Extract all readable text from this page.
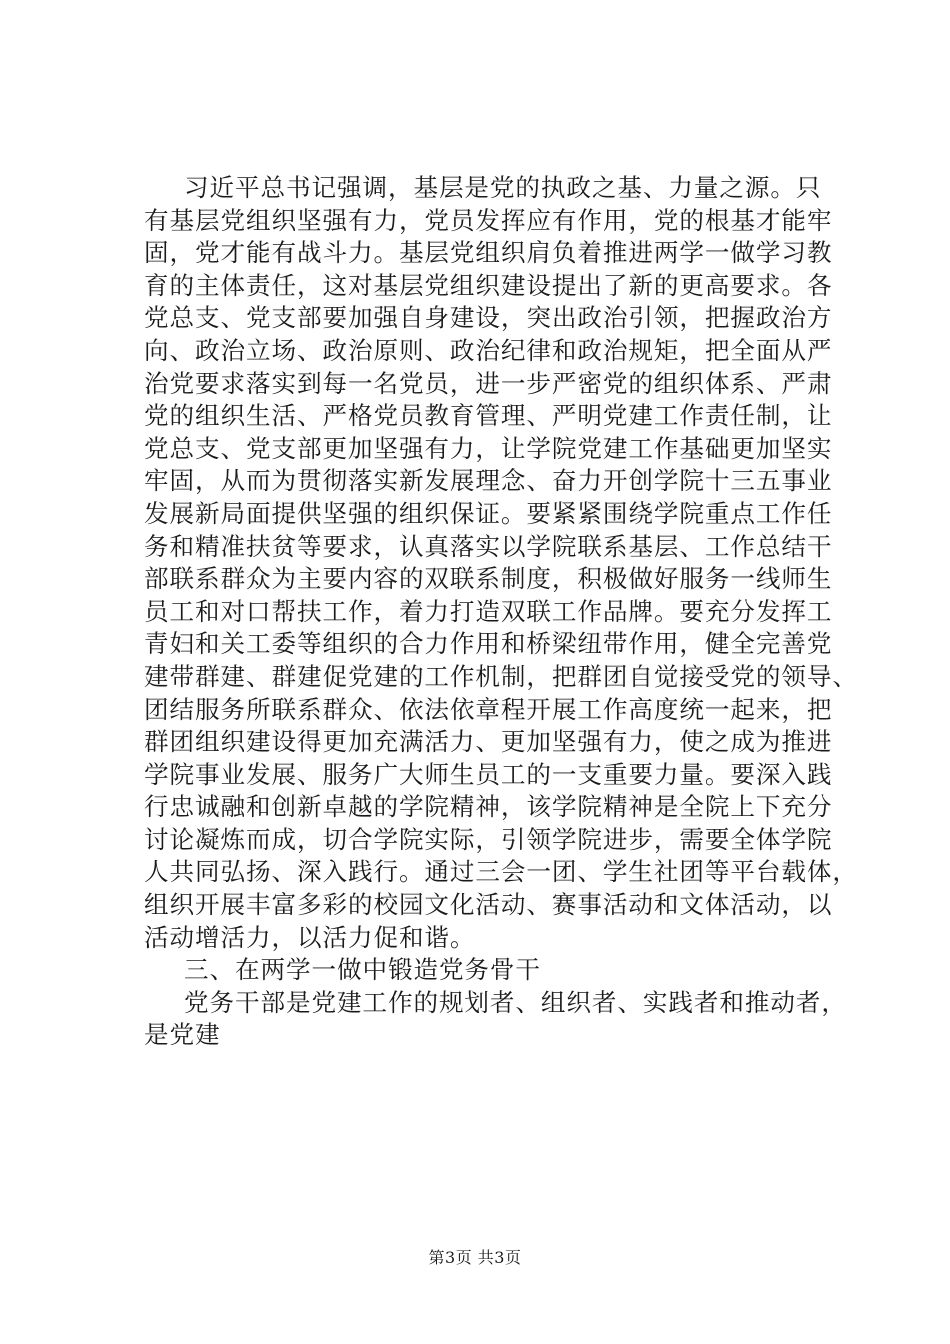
习近平总书记强调，基层是党的执政之基、力量之源。只
有基层党组织坚强有力，党员发挥应有作用，党的根基才能牢
固，党才能有战斗力。基层党组织肩负着推进两学一做学习教
育的主体责任，这对基层党组织建设提出了新的更高要求。各
党总支、党支部要加强自身建设，突出政治引领，把握政治方
向、政治立场、政治原则、政治纪律和政治规矩，把全面从严
治党要求落实到每一名党员，进一步严密党的组织体系、严肃
党的组织生活、严格党员教育管理、严明党建工作责任制，让
党总支、党支部更加坚强有力，让学院党建工作基础更加坚实
牢固，从而为贯彻落实新发展理念、奋力开创学院十三五事业
发展新局面提供坚强的组织保证。要紧紧围绕学院重点工作任
务和精准扶贫等要求，认真落实以学院联系基层、工作总结干
部联系群众为主要内容的双联系制度，积极做好服务一线师生
员工和对口帮扶工作，着力打造双联工作品牌。要充分发挥工
青妇和关工委等组织的合力作用和桥梁纽带作用，健全完善党
建带群建、群建促党建的工作机制，把群团自觉接受党的领导、
团结服务所联系群众、依法依章程开展工作高度统一起来，把
群团组织建设得更加充满活力、更加坚强有力，使之成为推进
学院事业发展、服务广大师生员工的一支重要力量。要深入践
行忠诚融和创新卓越的学院精神，该学院精神是全院上下充分
讨论凝炼而成，切合学院实际，引领学院进步，需要全体学院
人共同弘扬、深入践行。通过三会一团、学生社团等平台载体，
组织开展丰富多彩的校园文化活动、赛事活动和文体活动，以
活动增活力，以活力促和谐。
三、在两学一做中锻造党务骨干
党务干部是党建工作的规划者、组织者、实践者和推动者，
是党建
第3页 共3页
